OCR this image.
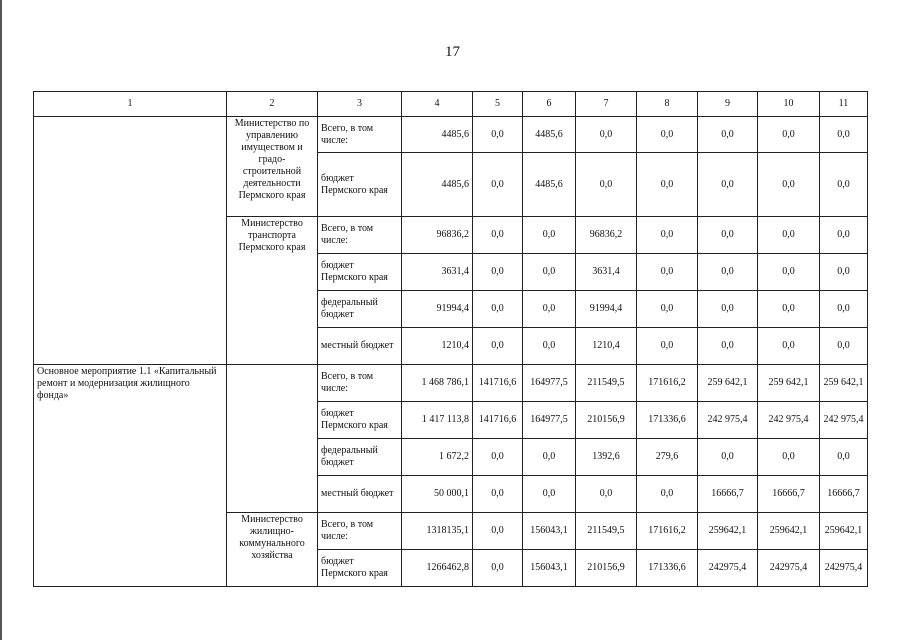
17
1	2	3	4	5	6	7	8	9	10	11
	Министерство по управлению имуществом и градо-строительной деятельности Пермского края	Всего, в том числе:	4485,6	0,0	4485,6	0,0	0,0	0,0	0,0	0,0
		бюджет Пермского края	4485,6	0,0	4485,6	0,0	0,0	0,0	0,0	0,0
	Министерство транспорта Пермского края	Всего, в том числе:	96836,2	0,0	0,0	96836,2	0,0	0,0	0,0	0,0
		бюджет Пермского края	3631,4	0,0	0,0	3631,4	0,0	0,0	0,0	0,0
		федеральный бюджет	91994,4	0,0	0,0	91994,4	0,0	0,0	0,0	0,0
		местный бюджет	1210,4	0,0	0,0	1210,4	0,0	0,0	0,0	0,0
Основное мероприятие 1.1 «Капитальный ремонт и модернизация жилищного фонда»		Всего, в том числе:	1 468 786,1	141716,6	164977,5	211549,5	171616,2	259 642,1	259 642,1	259 642,1
		бюджет Пермского края	1 417 113,8	141716,6	164977,5	210156,9	171336,6	242 975,4	242 975,4	242 975,4
		федеральный бюджет	1 672,2	0,0	0,0	1392,6	279,6	0,0	0,0	0,0
		местный бюджет	50 000,1	0,0	0,0	0,0	0,0	16666,7	16666,7	16666,7
	Министерство жилищно-коммунального хозяйства	Всего, в том числе:	1318135,1	0,0	156043,1	211549,5	171616,2	259642,1	259642,1	259642,1
		бюджет Пермского края	1266462,8	0,0	156043,1	210156,9	171336,6	242975,4	242975,4	242975,4
